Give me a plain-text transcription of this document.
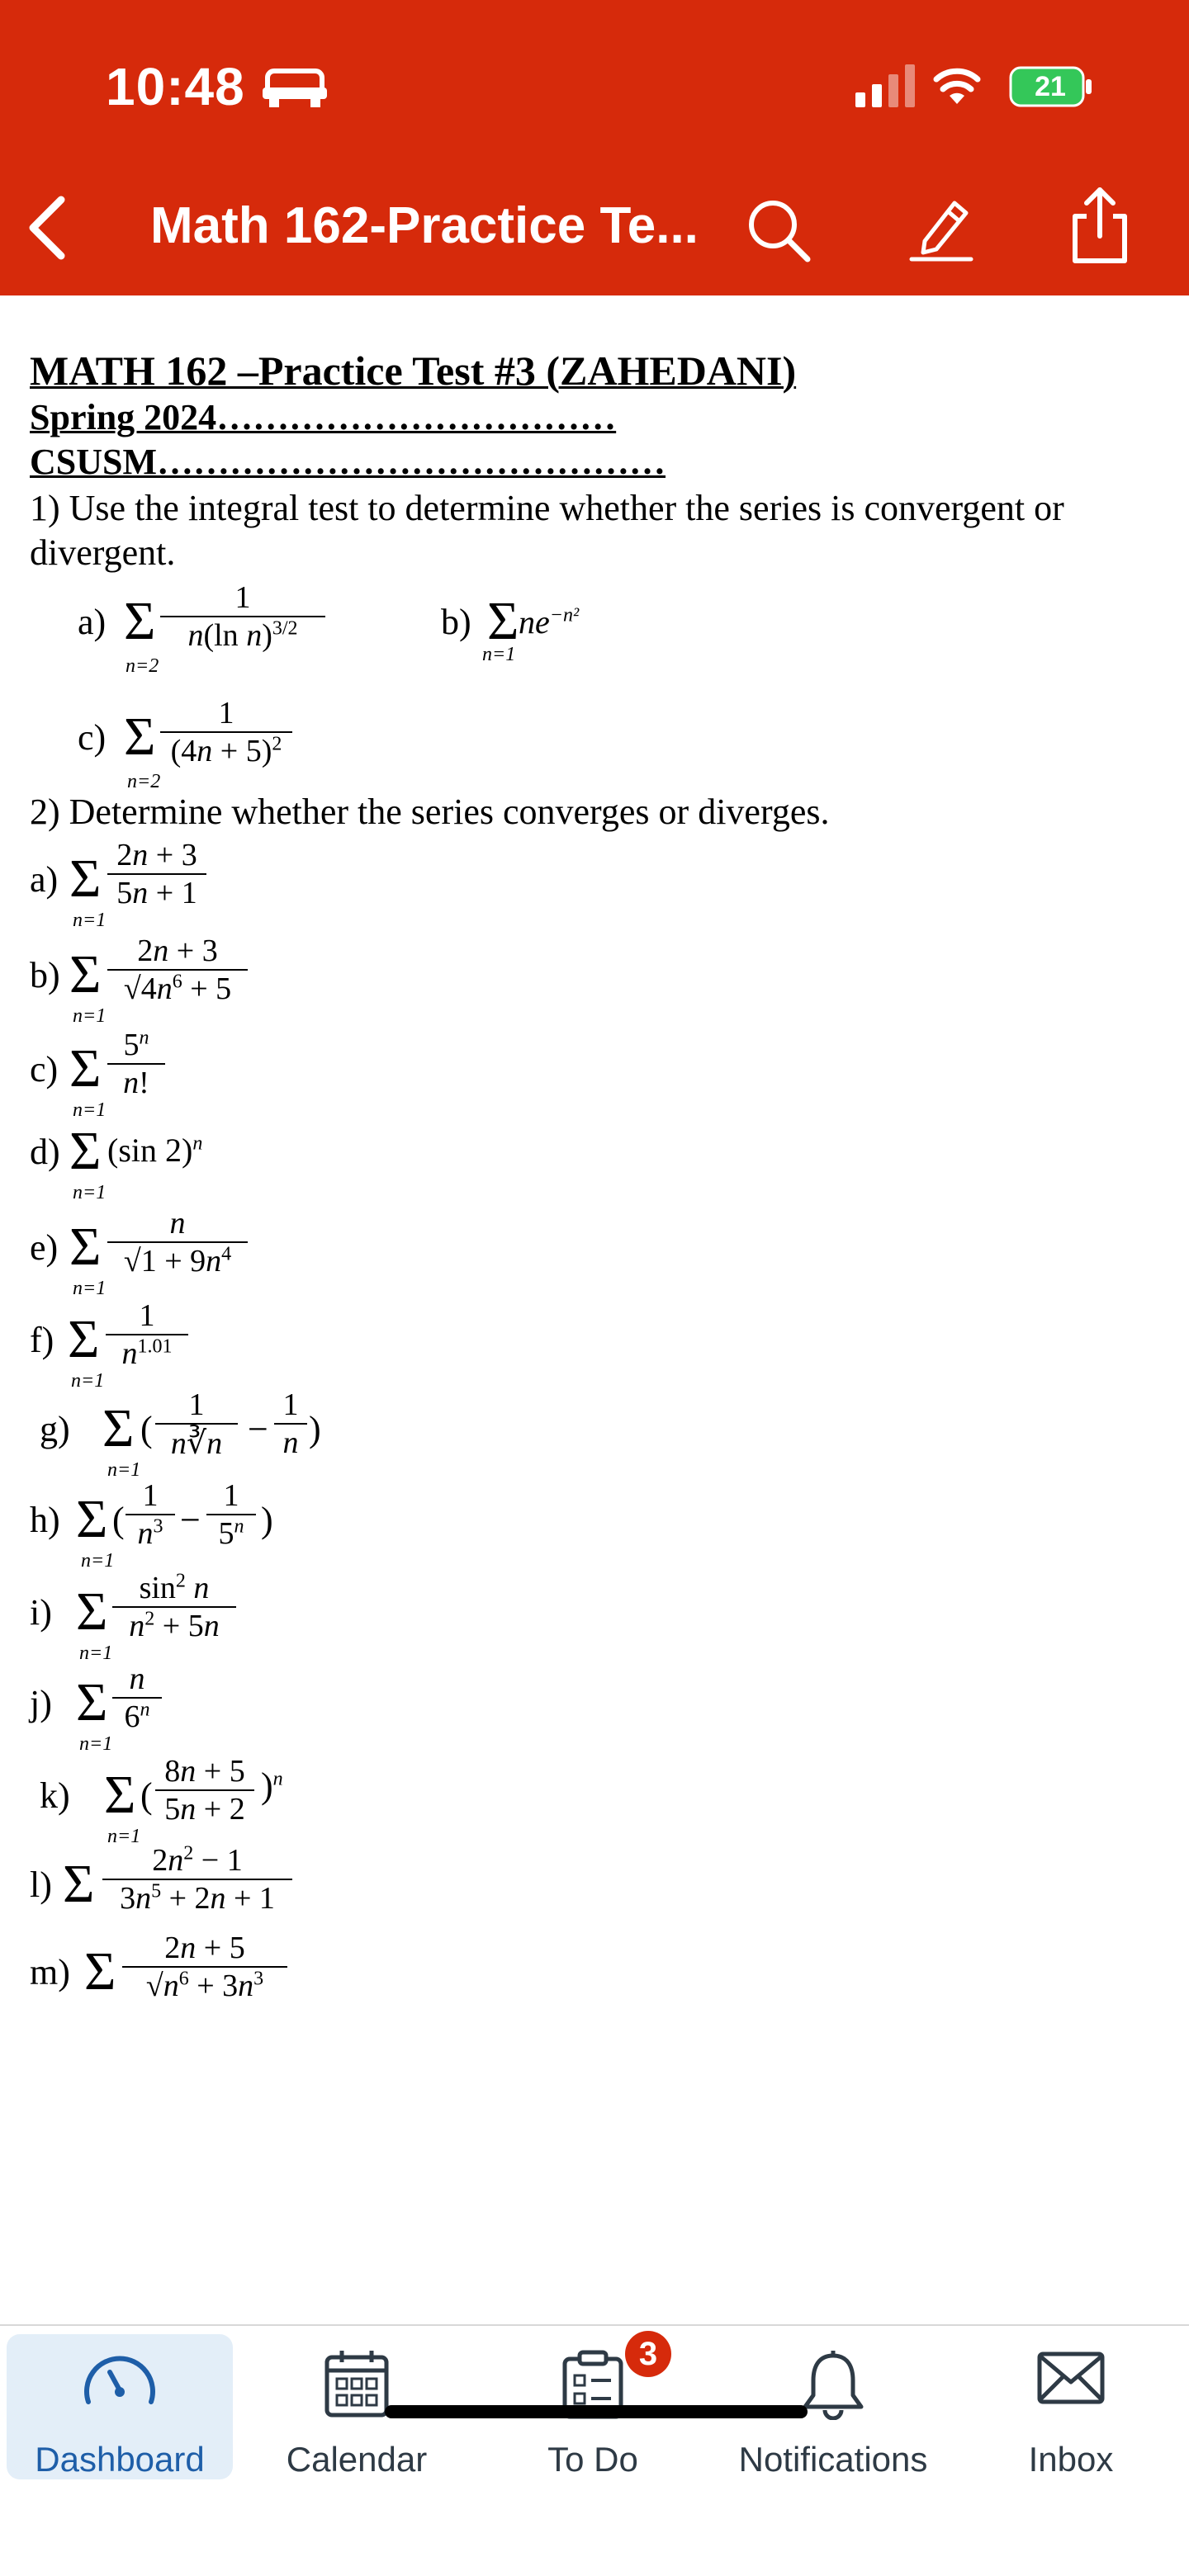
10:48	21
Math 162-Practice Te...
MATH 162 –Practice Test #3 (ZAHEDANI)
Spring 2024……………………………
CSUSM……………………………………
1) Use the integral test to determine whether the series is convergent or
divergent.
a) Σ
n=2
$\frac{1}{n(\ln n)^{3/2}}$	b) Σ
n=1
$ne^{-n^2}$
c) Σ
n=2
$\frac{1}{(4n + 5)^2}$
2) Determine whether the series converges or diverges.
a) Σ
n=1
$\frac{2n + 3}{5n + 1}$
b) Σ
n=1
$\frac{2n + 3}{√4n^6 + 5}$
c) Σ
n=1
$\frac{5^n}{n!}$
d) Σ
n=1
(sin 2)$^n$
e) Σ
n=1
$\frac{n}{√1 + 9n^4}$
f) Σ
n=1
$\frac{1}{n^{1.01}}$
g) Σ
n=1
( $\frac{1}{n∛n} - \frac{1}{n}$ )
h) Σ
n=1
( $\frac{1}{n^3} - \frac{1}{5^n}$ )
i) Σ
n=1
$\frac{\sin^2 n}{n^2 + 5n}$
j) Σ
n=1
$\frac{n}{6^n}$
k) Σ
n=1
( $\frac{8n + 5}{5n + 2} )^n$
l) Σ $\frac{2n^2 - 1}{3n^5 + 2n + 1}$
m) Σ $\frac{2n + 5}{√n^6 + 3n^3}$
Dashboard	Calendar
3
To Do	Notifications	Inbox
